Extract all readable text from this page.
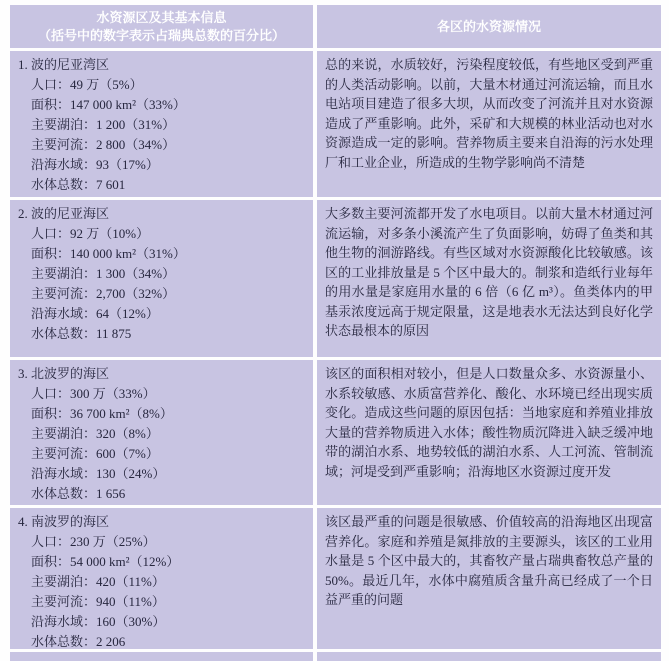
水资源区及其基本信息
（括号中的数字表示占瑞典总数的百分比）
各区的水资源情况
1. 波的尼亚湾区
人口：49 万（5%）
面积：147 000 km²（33%）
主要湖泊：1 200（31%）
主要河流：2 800（34%）
沿海水域：93（17%）
水体总数：7 601
总的来说，水质较好，污染程度较低，有些地区受到严重的人类活动影响。以前，大量木材通过河流运输，而且水电站项目建造了很多大坝，从而改变了河流并且对水资源造成了严重影响。此外，采矿和大规模的林业活动也对水资源造成一定的影响。营养物质主要来自沿海的污水处理厂和工业企业，所造成的生物学影响尚不清楚
2. 波的尼亚海区
人口：92 万（10%）
面积：140 000 km²（31%）
主要湖泊：1 300（34%）
主要河流：2,700（32%）
沿海水域：64（12%）
水体总数：11 875
大多数主要河流都开发了水电项目。以前大量木材通过河流运输，对多条小溪流产生了负面影响，妨碍了鱼类和其他生物的洄游路线。有些区域对水资源酸化比较敏感。该区的工业排放量是 5 个区中最大的。制浆和造纸行业每年的用水量是家庭用水量的 6 倍（6 亿 m³）。鱼类体内的甲基汞浓度远高于规定限量，这是地表水无法达到良好化学状态最根本的原因
3. 北波罗的海区
人口：300 万（33%）
面积：36 700 km²（8%）
主要湖泊：320（8%）
主要河流：600（7%）
沿海水域：130（24%）
水体总数：1 656
该区的面积相对较小，但是人口数量众多、水资源量小、水系较敏感、水质富营养化、酸化、水环境已经出现实质变化。造成这些问题的原因包括：当地家庭和养殖业排放大量的营养物质进入水体；酸性物质沉降进入缺乏缓冲地带的湖泊水系、地势较低的湖泊水系、人工河流、管制流域；河堤受到严重影响；沿海地区水资源过度开发
4. 南波罗的海区
人口：230 万（25%）
面积：54 000 km²（12%）
主要湖泊：420（11%）
主要河流：940（11%）
沿海水域：160（30%）
水体总数：2 206
该区最严重的问题是很敏感、价值较高的沿海地区出现富营养化。家庭和养殖是氮排放的主要源头，该区的工业用水量是 5 个区中最大的，其畜牧产量占瑞典畜牧总产量的 50%。最近几年，水体中腐殖质含量升高已经成了一个日益严重的问题
